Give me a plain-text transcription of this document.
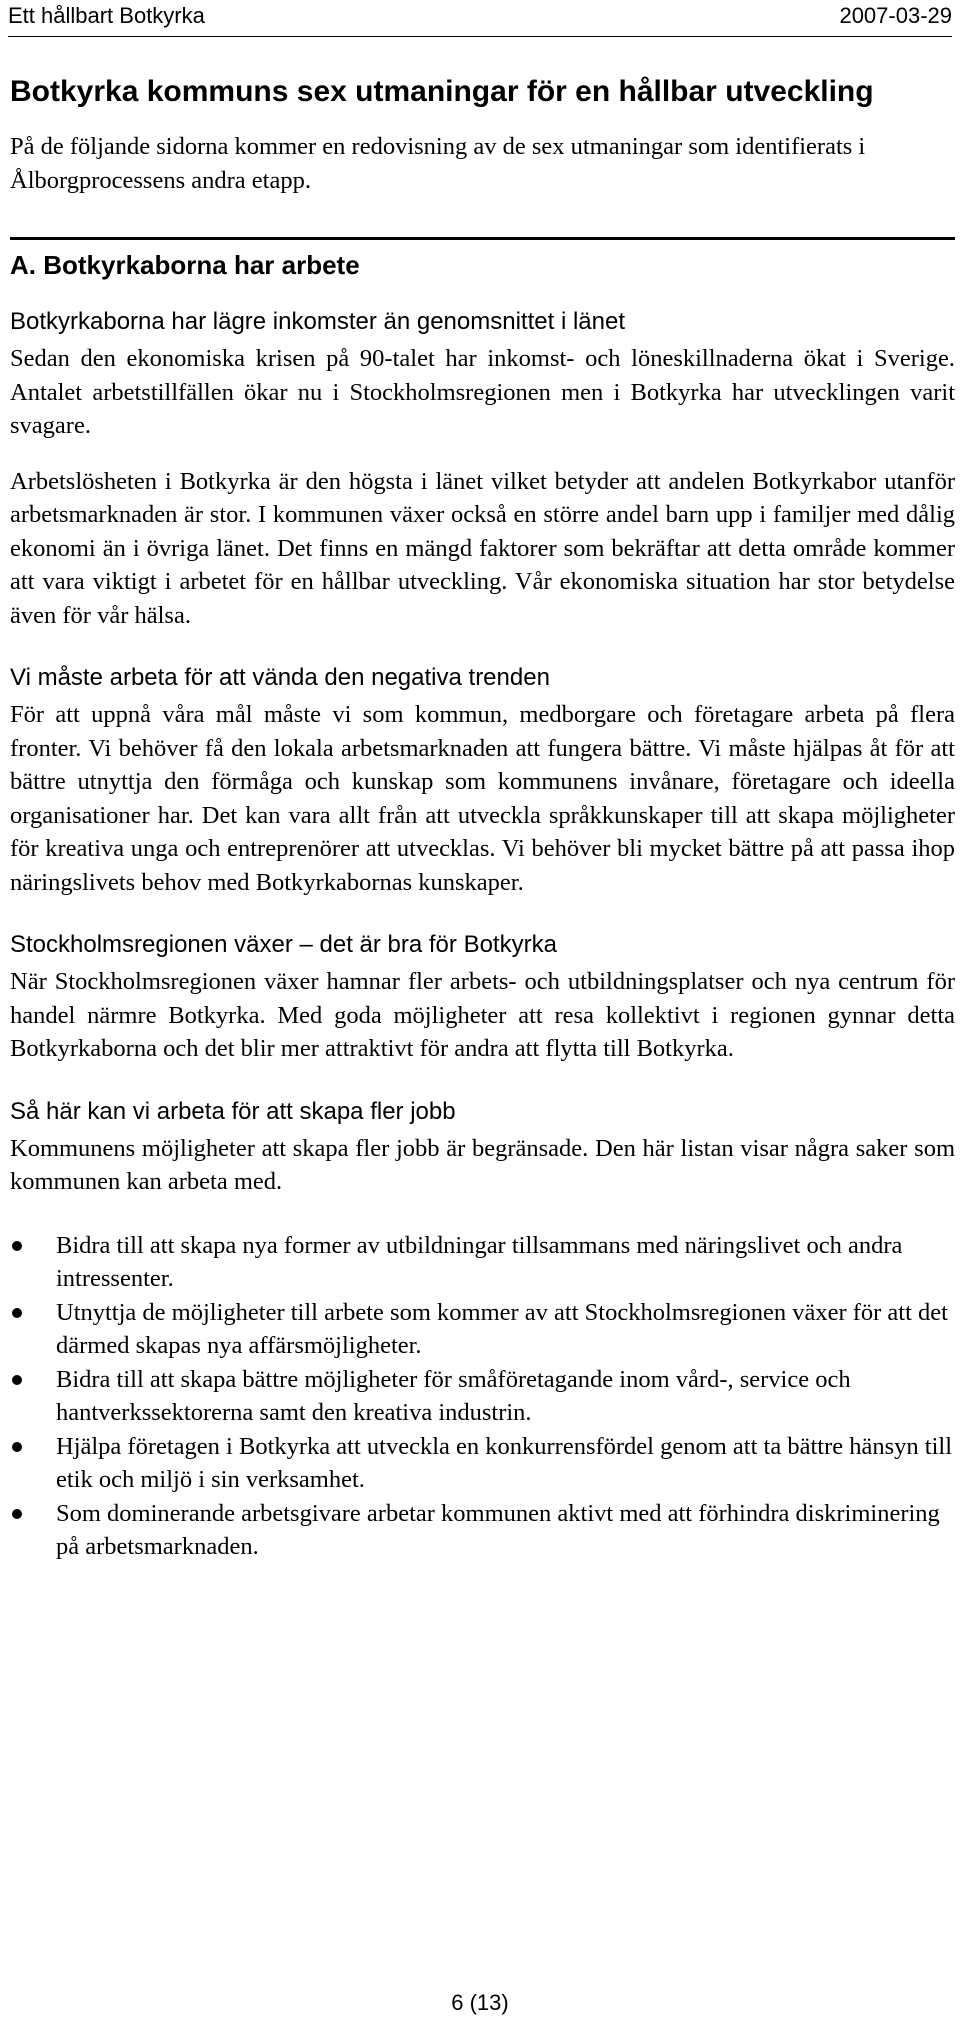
Ett hållbart Botkyrka	2007-03-29
Botkyrka kommuns sex utmaningar för en hållbar utveckling

På de följande sidorna kommer en redovisning av de sex utmaningar som identifierats i Ålborgprocessens andra etapp.

A. Botkyrkaborna har arbete
Botkyrkaborna har lägre inkomster än genomsnittet i länet

Sedan den ekonomiska krisen på 90-talet har inkomst- och löneskillnaderna ökat i Sverige. Antalet arbetstillfällen ökar nu i Stockholmsregionen men i Botkyrka har utvecklingen varit svagare.

Arbetslösheten i Botkyrka är den högsta i länet vilket betyder att andelen Botkyrkabor utanför arbetsmarknaden är stor. I kommunen växer också en större andel barn upp i familjer med dålig ekonomi än i övriga länet. Det finns en mängd faktorer som bekräftar att detta område kommer att vara viktigt i arbetet för en hållbar utveckling. Vår ekonomiska situation har stor betydelse även för vår hälsa.

Vi måste arbeta för att vända den negativa trenden

För att uppnå våra mål måste vi som kommun, medborgare och företagare arbeta på flera fronter. Vi behöver få den lokala arbetsmarknaden att fungera bättre. Vi måste hjälpas åt för att bättre utnyttja den förmåga och kunskap som kommunens invånare, företagare och ideella organisationer har. Det kan vara allt från att utveckla språkkunskaper till att skapa möjligheter för kreativa unga och entreprenörer att utvecklas. Vi behöver bli mycket bättre på att passa ihop näringslivets behov med Botkyrkabornas kunskaper.

Stockholmsregionen växer – det är bra för Botkyrka

När Stockholmsregionen växer hamnar fler arbets- och utbildningsplatser och nya centrum för handel närmre Botkyrka. Med goda möjligheter att resa kollektivt i regionen gynnar detta Botkyrkaborna och det blir mer attraktivt för andra att flytta till Botkyrka.

Så här kan vi arbeta för att skapa fler jobb

Kommunens möjligheter att skapa fler jobb är begränsade. Den här listan visar några saker som kommunen kan arbeta med.

Bidra till att skapa nya former av utbildningar tillsammans med näringslivet och andra intressenter.
Utnyttja de möjligheter till arbete som kommer av att Stockholmsregionen växer för att det därmed skapas nya affärsmöjligheter.
Bidra till att skapa bättre möjligheter för småföretagande inom vård-, service och hantverkssektorerna samt den kreativa industrin.
Hjälpa företagen i Botkyrka att utveckla en konkurrensfördel genom att ta bättre hänsyn till etik och miljö i sin verksamhet.
Som dominerande arbetsgivare arbetar kommunen aktivt med att förhindra diskriminering på arbetsmarknaden.
6 (13)
